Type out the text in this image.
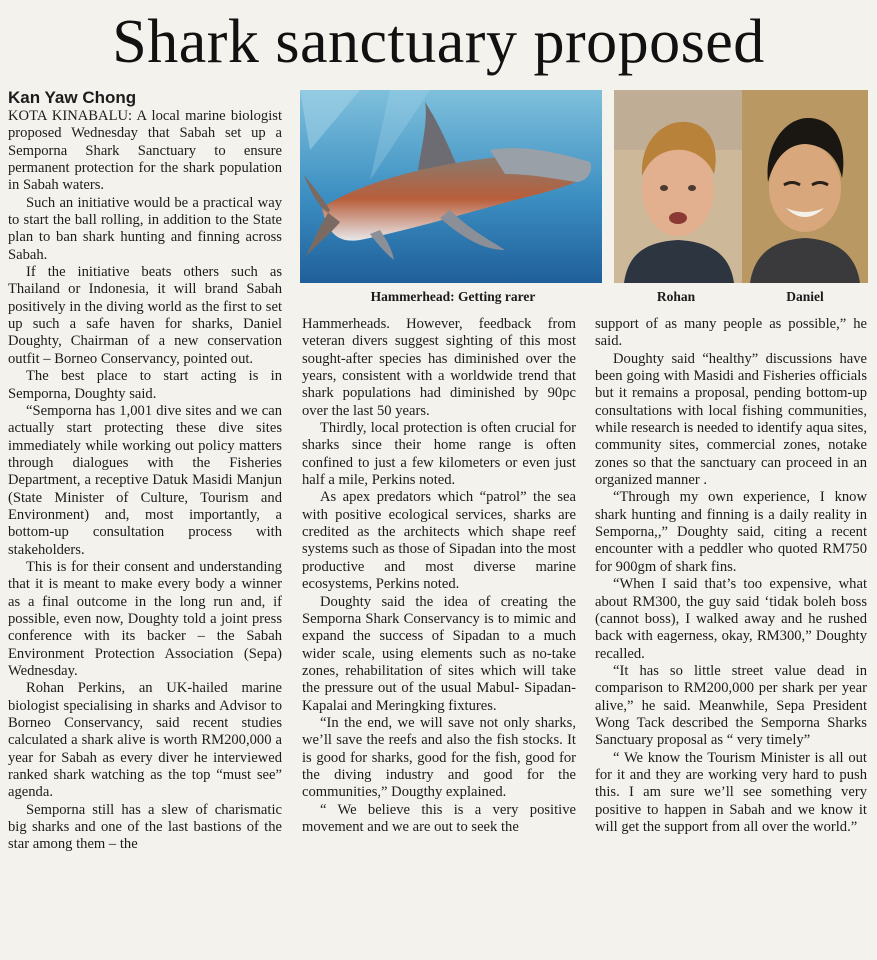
Shark sanctuary proposed
Kan Yaw Chong

KOTA KINABALU: A local marine biologist proposed Wednesday that Sabah set up a Semporna Shark Sanctuary to ensure permanent protection for the shark population in Sabah waters.

Such an initiative would be a practical way to start the ball rolling, in addition to the State plan to ban shark hunting and finning across Sabah.

If the initiative beats others such as Thailand or Indonesia, it will brand Sabah positively in the diving world as the first to set up such a safe haven for sharks, Daniel Doughty, Chairman of a new conservation outfit – Borneo Conservancy, pointed out.

The best place to start acting is in Semporna, Doughty said.

“Semporna has 1,001 dive sites and we can actually start protecting these dive sites immediately while working out policy matters through dialogues with the Fisheries Department, a receptive Datuk Masidi Manjun (State Minister of Culture, Tourism and Environment) and, most importantly, a bottom-up consultation process with stakeholders.

This is for their consent and understanding that it is meant to make every body a winner as a final outcome in the long run and, if possible, even now, Doughty told a joint press conference with its backer – the Sabah Environment Protection Association (Sepa) Wednesday.

Rohan Perkins, an UK-hailed marine biologist specialising in sharks and Advisor to Borneo Conservancy, said recent studies calculated a shark alive is worth RM200,000 a year for Sabah as every diver he interviewed ranked shark watching as the top “must see” agenda.

Semporna still has a slew of charismatic big sharks and one of the last bastions of the star among them – the

Hammerhead: Getting rarer	Rohan	Daniel

Hammerheads. However, feedback from veteran divers suggest sighting of this most sought-after species has diminished over the years, consistent with a worldwide trend that shark populations had diminished by 90pc over the last 50 years.

Thirdly, local protection is often crucial for sharks since their home range is often confined to just a few kilometers or even just half a mile, Perkins noted.

As apex predators which “patrol” the sea with positive ecological services, sharks are credited as the architects which shape reef systems such as those of Sipadan into the most productive and most diverse marine ecosystems, Perkins noted.

Doughty said the idea of creating the Semporna Shark Conservancy is to mimic and expand the success of Sipadan to a much wider scale, using elements such as no-take zones, rehabilitation of sites which will take the pressure out of the usual Mabul- Sipadan- Kapalai and Meringking fixtures.

“In the end, we will save not only sharks, we’ll save the reefs and also the fish stocks. It is good for sharks, good for the fish, good for the diving industry and good for the communities,” Dougthy explained.

“ We believe this is a very positive movement and we are out to seek the

support of as many people as possible,” he said.

Doughty said “healthy” discussions have been going with Masidi and Fisheries officials but it remains a proposal, pending bottom-up consultations with local fishing communities, while research is needed to identify aqua sites, community sites, commercial zones, notake zones so that the sanctuary can proceed in an organized manner .

“Through my own experience, I know shark hunting and finning is a daily reality in Semporna,,” Doughty said, citing a recent encounter with a peddler who quoted RM750 for 900gm of shark fins.

“When I said that’s too expensive, what about RM300, the guy said ‘tidak boleh boss (cannot boss), I walked away and he rushed back with eagerness, okay, RM300,” Doughty recalled.

“It has so little street value dead in comparison to RM200,000 per shark per year alive,” he said. Meanwhile, Sepa President Wong Tack described the Semporna Sharks Sanctuary proposal as “ very timely”

“ We know the Tourism Minister is all out for it and they are working very hard to push this. I am sure we’ll see something very positive to happen in Sabah and we know it will get the support from all over the world.”
